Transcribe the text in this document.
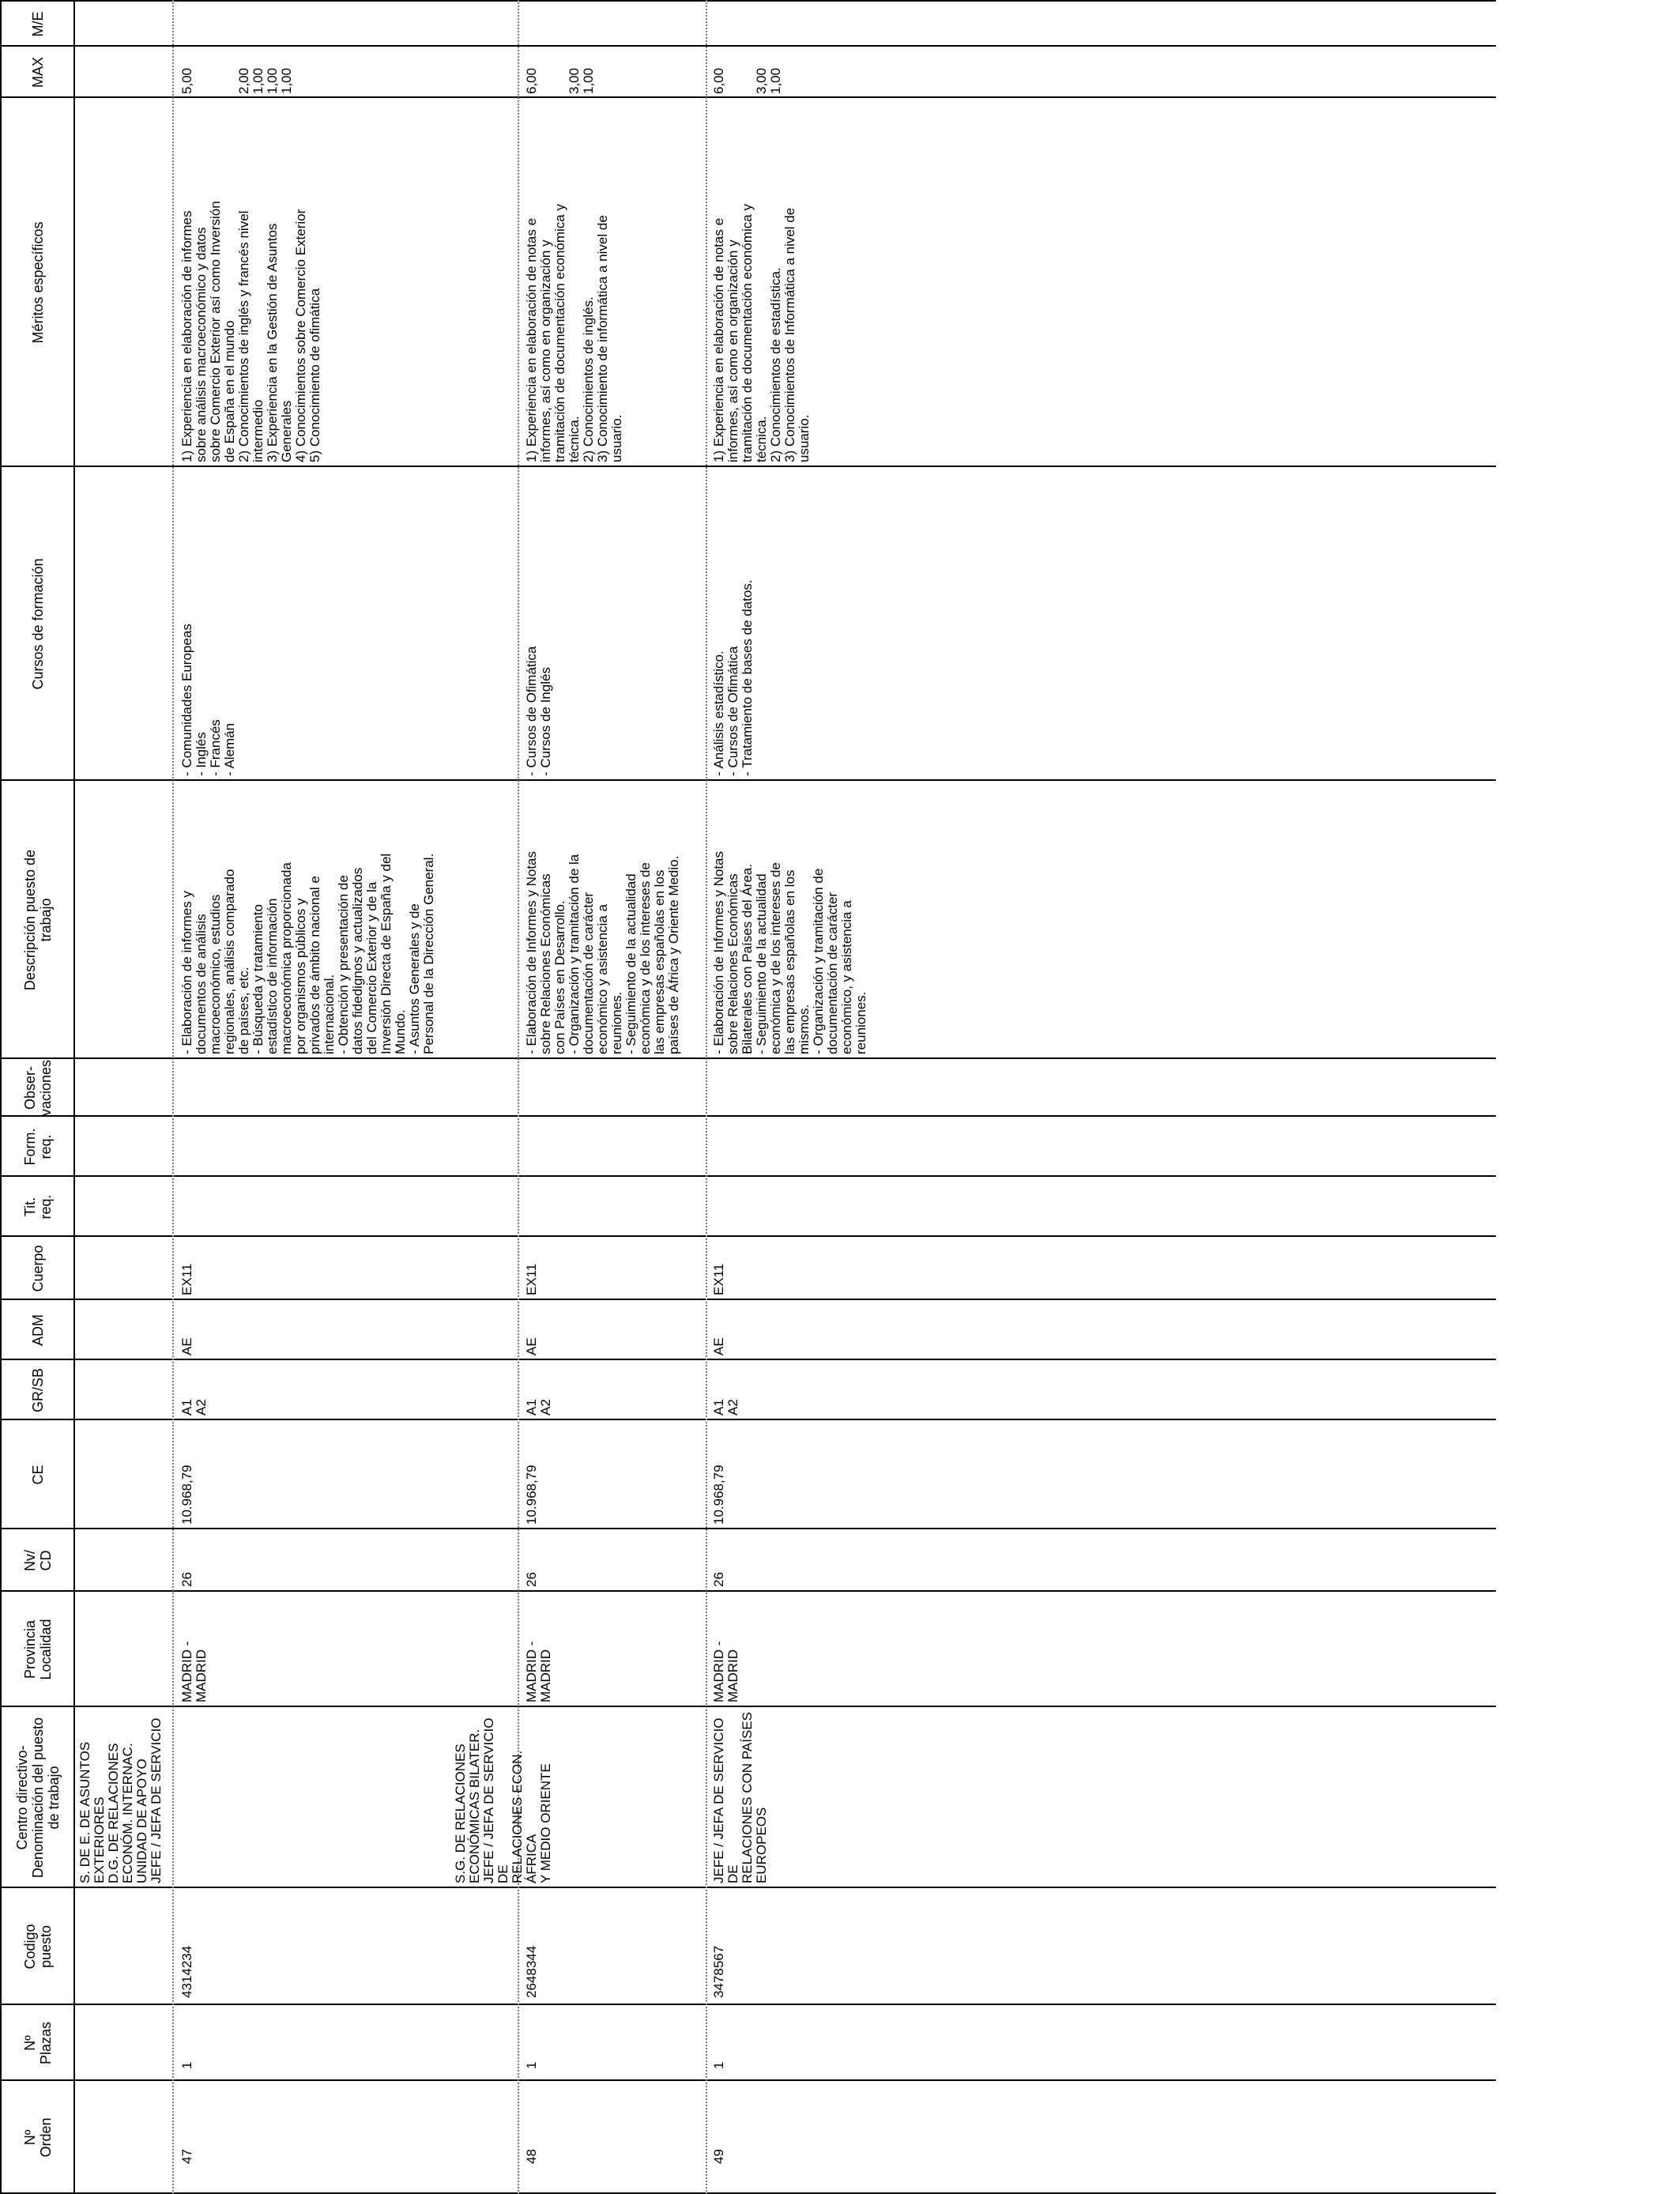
Nº
Orden
Nº
Plazas
Codigo
puesto
Centro directivo-
Denominación del puesto
de trabajo
Provincia
Localidad
Nv/
CD
CE
GR/SB
ADM
Cuerpo
Tit.
req.
Form.
req.
Obser-
vaciones
Descripción puesto de
trabajo
Cursos de formación
Méritos específicos
MAX
M/E
47
1
4314234
S. DE E. DE ASUNTOS
EXTERIORES
D.G. DE RELACIONES
ECONÓM. INTERNAC.
UNIDAD DE APOYO
JEFE / JEFA DE SERVICIO
MADRID -
MADRID
26
10.968,79
A1
A2
AE
EX11
- Elaboración de informes y
documentos de análisis
macroeconómico, estudios
regionales, análisis comparado
de países, etc.
- Búsqueda y tratamiento
estadístico de información
macroeconómica proporcionada
por organismos públicos y
privados de ámbito nacional e
internacional.
- Obtención y presentación de
datos fidedignos y actualizados
del Comercio Exterior y de la
Inversión Directa de España y del
Mundo.
- Asuntos Generales y de
Personal de la Dirección General.
- Comunidades Europeas
- Inglés
- Francés
- Alemán
1) Experiencia en elaboración de informes
sobre análisis macroeconómico y datos
sobre Comercio Exterior así como Inversión
de España en el mundo
2) Conocimientos de inglés y francés nivel
intermedio
3) Experiencia en la Gestión de Asuntos
Generales
4) Conocimientos sobre Comercio Exterior
5) Conocimiento de ofimática
5,00

2,00
1,00
1,00
1,00
48
1
2648344
S.G. DE RELACIONES
ECONÓMICAS BILATER.
JEFE / JEFA DE SERVICIO DE
RELACIONES ECON. ÁFRICA
Y MEDIO ORIENTE
MADRID -
MADRID
26
10.968,79
A1
A2
AE
EX11
- Elaboración de Informes y Notas
sobre Relaciones Económicas
con Países en Desarrollo.
- Organización y tramitación de la
documentación de carácter
económico y asistencia a
reuniones.
- Seguimiento de la actualidad
económica y de los intereses de
las empresas españolas en los
países de África y Oriente Medio.
- Cursos de Ofimática
- Cursos de Inglés
1) Experiencia en elaboración de notas e
informes, así como en organización y
tramitación de documentación económica y
técnica.
2) Conocimientos de inglés.
3) Conocimiento de informática a nivel de
usuario.
6,00

3,00
1,00
49
1
3478567
JEFE / JEFA DE SERVICIO DE
RELACIONES CON PAÍSES
EUROPEOS
MADRID -
MADRID
26
10.968,79
A1
A2
AE
EX11
- Elaboración de Informes y Notas
sobre Relaciones Económicas
Bilaterales con Países del Área.
- Seguimiento de la actualidad
económica y de los intereses de
las empresas españolas en los
mismos.
- Organización y tramitación de
documentación de carácter
económico, y asistencia a
reuniones.
- Análisis estadístico.
- Cursos de Ofimática
- Tratamiento de bases de datos.
1) Experiencia en elaboración de notas e
informes, así como en organización y
tramitación de documentación económica y
técnica.
2) Conocimientos de estadística.
3) Conocimientos de Informática a nivel de
usuario.
6,00

3,00
1,00
